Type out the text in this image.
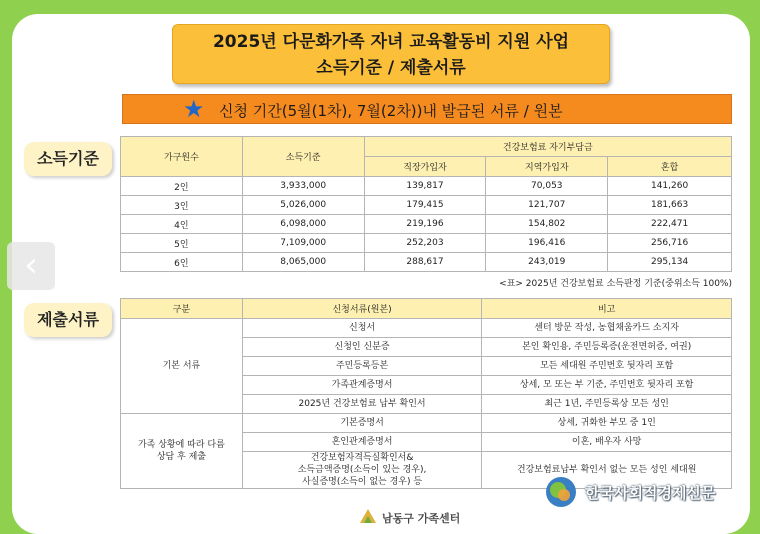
2025년 다문화가족 자녀 교육활동비 지원 사업
소득기준 / 제출서류
★ 신청 기간(5월(1차), 7월(2차))내 발급된 서류 / 원본
소득기준	가구원수	소득기준	건강보험료 자기부담금		
		직장가입자	지역가입자	혼합
2인	3,933,000	139,817	70,053	141,260
3인	5,026,000	179,415	121,707	181,663
4인	6,098,000	219,196	154,802	222,471
5인	7,109,000	252,203	196,416	256,716
6인	8,065,000	288,617	243,019	295,134
<표> 2025년 건강보험료 소득판정 기준(중위소득 100%)
제출서류	구분	신청서류(원본)	비고
기본 서류	신청서	센터 방문 작성, 농협채움카드 소지자
	신청인 신분증	본인 확인용, 주민등록증(운전면허증, 여권)
	주민등록등본	모든 세대원 주민번호 뒷자리 포함
	가족관계증명서	상세, 모 또는 부 기준, 주민번호 뒷자리 포함
	2025년 건강보험료 납부 확인서	최근 1년, 주민등록상 모든 성인

가족 상황에 따라 다름
상담 후 제출	기본증명서	상세, 귀화한 부모 중 1인
	혼인관계증명서	이혼, 배우자 사망

	건강보험자격득실확인서&
소득금액증명(소득이 있는 경우),
사실증명(소득이 없는 경우) 등	건강보험료납부 확인서 없는 모든 성인 세대원
‹
한국사회적경제신문
남동구 가족센터
